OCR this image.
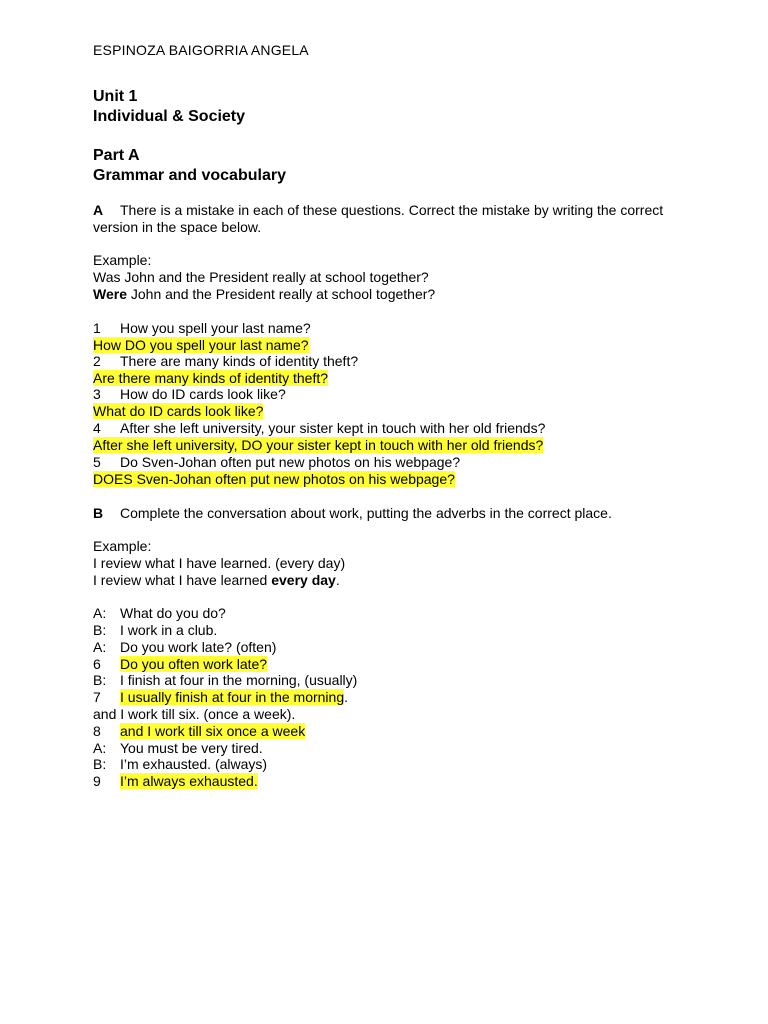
ESPINOZA BAIGORRIA ANGELA
Unit 1
Individual & Society
Part A
Grammar and vocabulary
A There is a mistake in each of these questions. Correct the mistake by writing the correct version in the space below.
Example:
Was John and the President really at school together?
Were John and the President really at school together?
1 How you spell your last name?
How DO you spell your last name?
2 There are many kinds of identity theft?
Are there many kinds of identity theft?
3 How do ID cards look like?
What do ID cards look like?
4 After she left university, your sister kept in touch with her old friends?
After she left university, DO your sister kept in touch with her old friends?
5 Do Sven-Johan often put new photos on his webpage?
DOES Sven-Johan often put new photos on his webpage?
B Complete the conversation about work, putting the adverbs in the correct place.
Example:
I review what I have learned. (every day)
I review what I have learned every day.
A: What do you do?
B: I work in a club.
A: Do you work late? (often)
6 Do you often work late?
B: I finish at four in the morning, (usually)
7 I usually finish at four in the morning.
and I work till six. (once a week).
8 and I work till six once a week
A: You must be very tired.
B: I’m exhausted. (always)
9 I’m always exhausted.
